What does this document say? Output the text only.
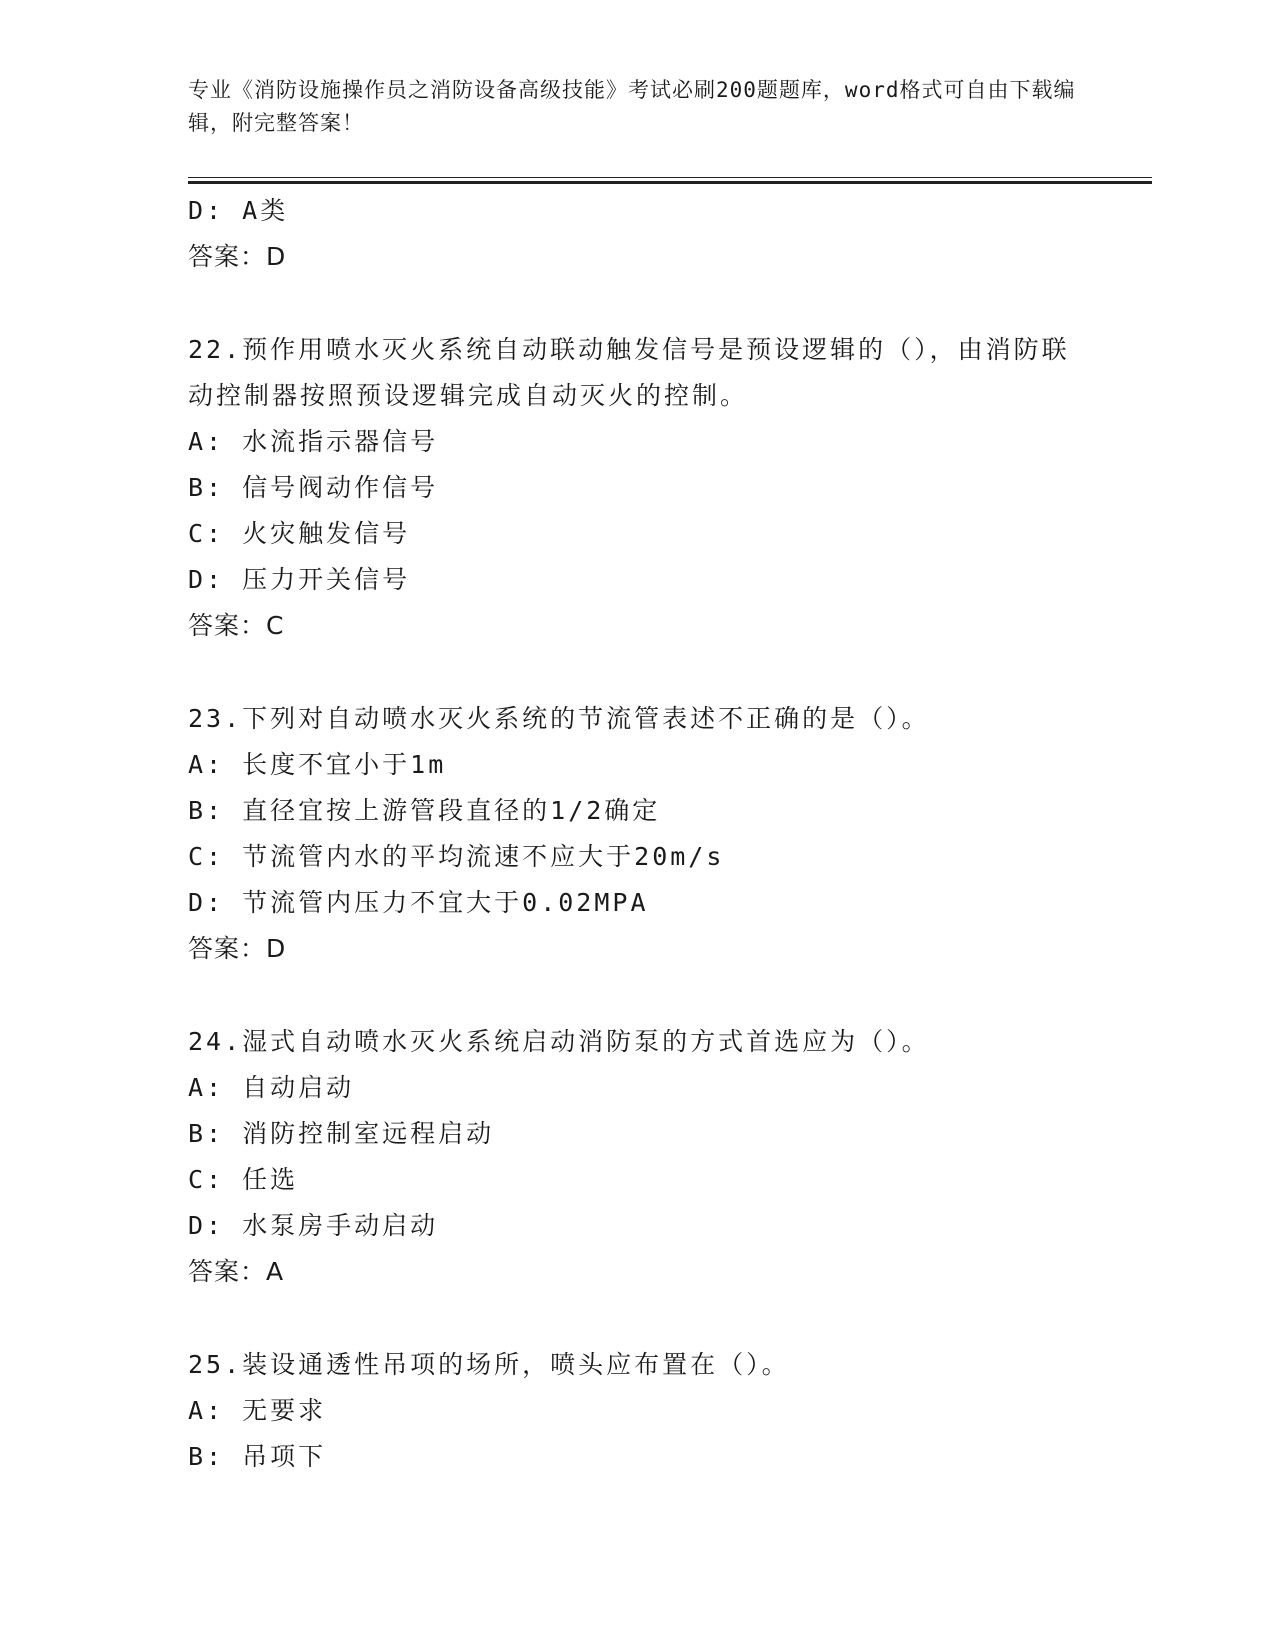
专业《消防设施操作员之消防设备高级技能》考试必刷200题题库，word格式可自由下载编辑，附完整答案！
D: A类
答案：D
22.预作用喷水灭火系统自动联动触发信号是预设逻辑的（），由消防联动控制器按照预设逻辑完成自动灭火的控制。
A: 水流指示器信号
B: 信号阀动作信号
C: 火灾触发信号
D: 压力开关信号
答案：C
23.下列对自动喷水灭火系统的节流管表述不正确的是（）。
A: 长度不宜小于1m
B: 直径宜按上游管段直径的1/2确定
C: 节流管内水的平均流速不应大于20m/s
D: 节流管内压力不宜大于0.02MPA
答案：D
24.湿式自动喷水灭火系统启动消防泵的方式首选应为（）。
A: 自动启动
B: 消防控制室远程启动
C: 任选
D: 水泵房手动启动
答案：A
25.装设通透性吊项的场所，喷头应布置在（）。
A: 无要求
B: 吊项下
